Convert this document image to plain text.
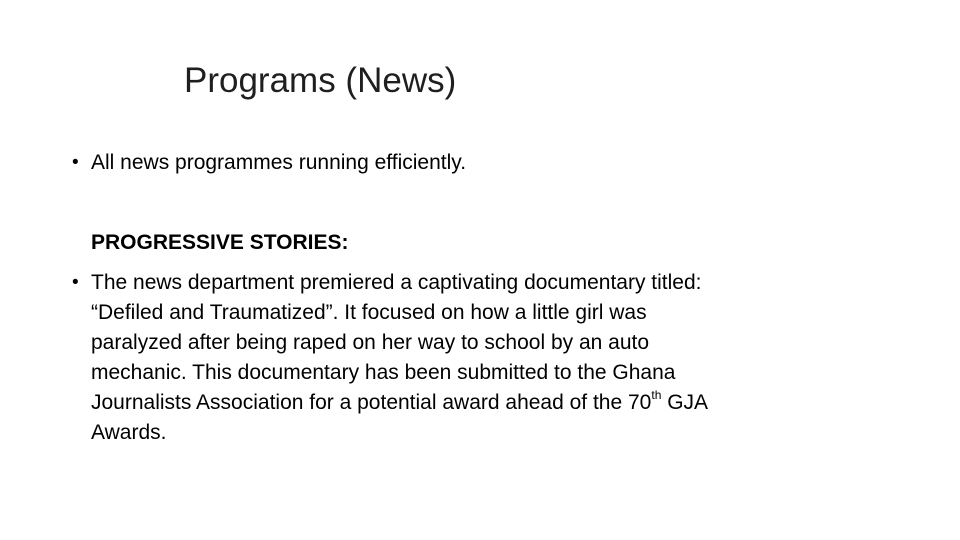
Programs (News)
• All news programmes running efficiently.
PROGRESSIVE STORIES:
• The news department premiered a captivating documentary titled:
“Defiled and Traumatized”. It focused on how a little girl was
paralyzed after being raped on her way to school by an auto
mechanic. This documentary has been submitted to the Ghana
Journalists Association for a potential award ahead of the 70th GJA
Awards.
